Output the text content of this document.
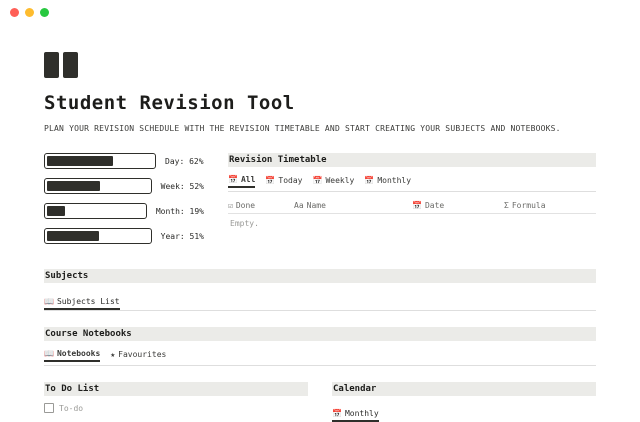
Student Revision Tool
PLAN YOUR REVISION SCHEDULE WITH THE REVISION TIMETABLE AND START CREATING YOUR SUBJECTS AND NOTEBOOKS.
Day: 62%
Week: 52%
Month: 19%
Year: 51%
Revision Timetable
📅 All 📅 Today 📅 Weekly 📅 Monthly
☑ Done	Aa Name	📅 Date	Σ Formula
Empty.
Subjects
📖 Subjects List
Course Notebooks
📖 Notebooks ★ Favourites
To Do List
To-do
Calendar
📅 Monthly
